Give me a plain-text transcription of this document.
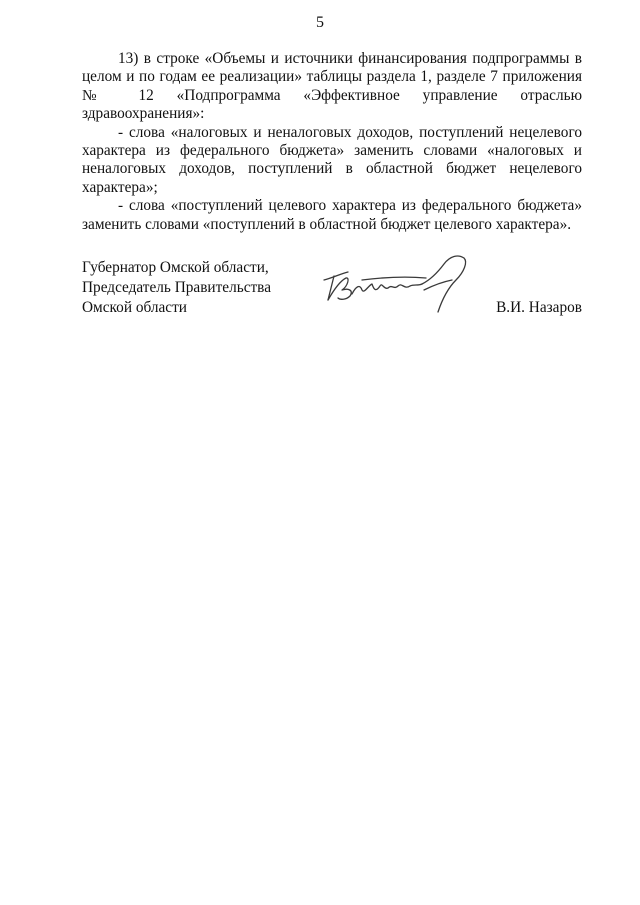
5

13) в строке «Объемы и источники финансирования подпрограммы в целом и по годам ее реализации» таблицы раздела 1, разделе 7 приложения № 12 «Подпрограмма «Эффективное управление отраслью здравоохранения»:

- слова «налоговых и неналоговых доходов, поступлений нецелевого характера из федерального бюджета» заменить словами «налоговых и неналоговых доходов, поступлений в областной бюджет нецелевого характера»;

- слова «поступлений целевого характера из федерального бюджета» заменить словами «поступлений в областной бюджет целевого характера».

Губернатор Омской области,
Председатель Правительства
Омской области	В.И. Назаров
